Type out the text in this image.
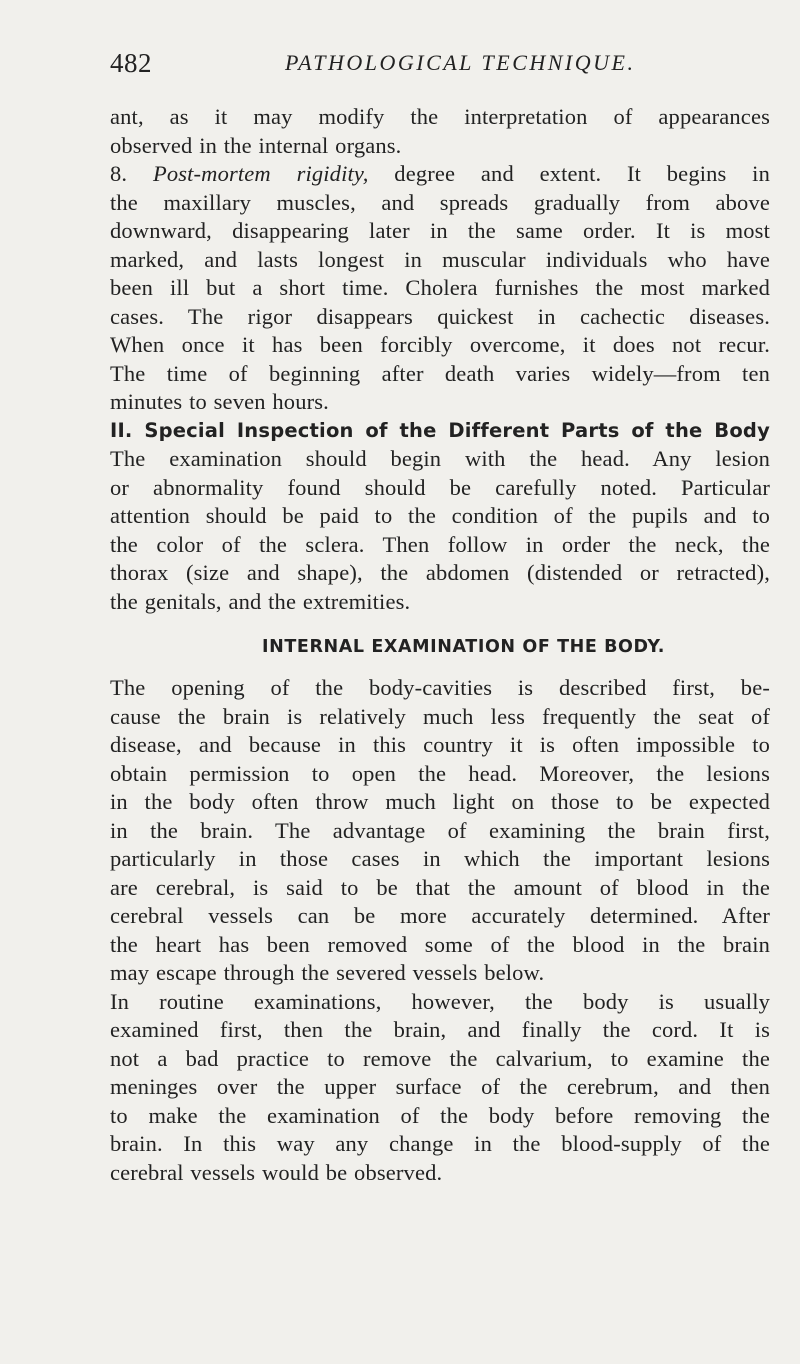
482	PATHOLOGICAL TECHNIQUE.
ant, as it may modify the interpretation of appearances
observed in the internal organs.
8. Post-mortem rigidity, degree and extent. It begins in
the maxillary muscles, and spreads gradually from above
downward, disappearing later in the same order. It is most
marked, and lasts longest in muscular individuals who have
been ill but a short time. Cholera furnishes the most marked
cases. The rigor disappears quickest in cachectic diseases.
When once it has been forcibly overcome, it does not recur.
The time of beginning after death varies widely—from ten
minutes to seven hours.
II. Special Inspection of the Different Parts of the Body
The examination should begin with the head. Any lesion
or abnormality found should be carefully noted. Particular
attention should be paid to the condition of the pupils and to
the color of the sclera. Then follow in order the neck, the
thorax (size and shape), the abdomen (distended or retracted),
the genitals, and the extremities.
INTERNAL EXAMINATION OF THE BODY.
The opening of the body-cavities is described first, be-
cause the brain is relatively much less frequently the seat of
disease, and because in this country it is often impossible to
obtain permission to open the head. Moreover, the lesions
in the body often throw much light on those to be expected
in the brain. The advantage of examining the brain first,
particularly in those cases in which the important lesions
are cerebral, is said to be that the amount of blood in the
cerebral vessels can be more accurately determined. After
the heart has been removed some of the blood in the brain
may escape through the severed vessels below.
In routine examinations, however, the body is usually
examined first, then the brain, and finally the cord. It is
not a bad practice to remove the calvarium, to examine the
meninges over the upper surface of the cerebrum, and then
to make the examination of the body before removing the
brain. In this way any change in the blood-supply of the
cerebral vessels would be observed.
